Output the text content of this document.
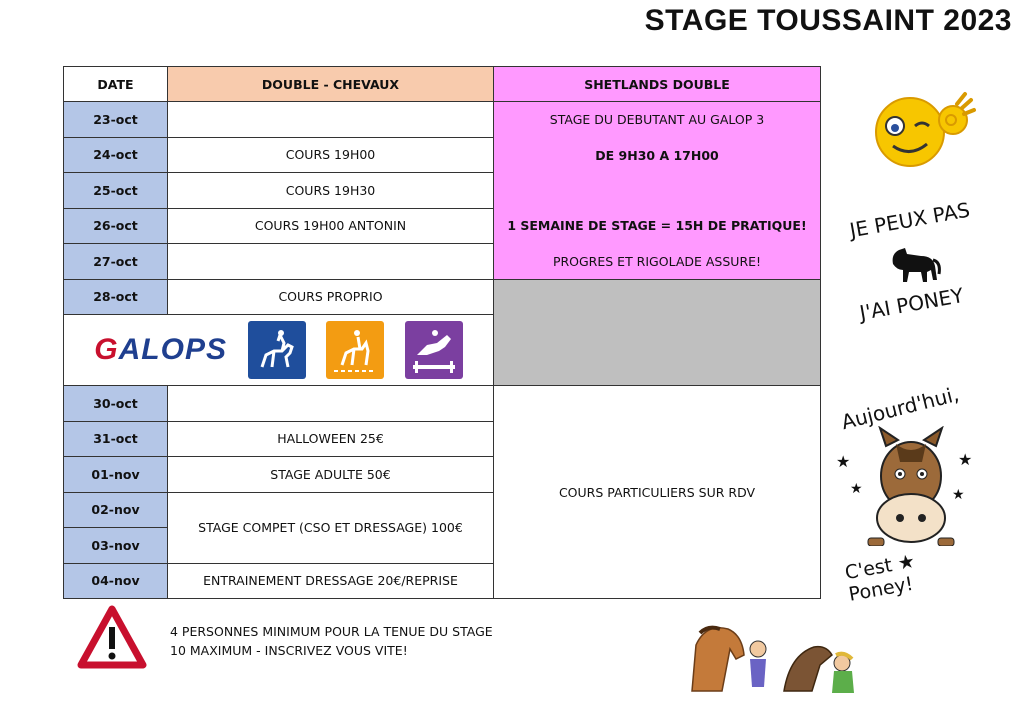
STAGE TOUSSAINT 2023
DATE	DOUBLE - CHEVAUX	SHETLANDS DOUBLE
23-oct		STAGE DU DEBUTANT AU GALOP 3
DE 9H30 A 17H00
1 SEMAINE DE STAGE = 15H DE PRATIQUE!
PROGRES ET RIGOLADE ASSURE!

24-oct	COURS 19H00	
25-oct	COURS 19H30	
26-oct	COURS 19H00 ANTONIN	
27-oct		
28-oct	COURS PROPRIO	

GALOPS		

30-oct		COURS PARTICULIERS SUR RDV
31-oct	HALLOWEEN 25€	
01-nov	STAGE ADULTE 50€	
02-nov	STAGE COMPET (CSO ET DRESSAGE) 100€	
03-nov		
04-nov	ENTRAINEMENT DRESSAGE 20€/REPRISE	
4 PERSONNES MINIMUM POUR LA TENUE DU STAGE
10 MAXIMUM - INSCRIVEZ VOUS VITE!
JE PEUX PAS
J'AI PONEY
Aujourd'hui,
★
★
★
★
C'est ★ Poney!
